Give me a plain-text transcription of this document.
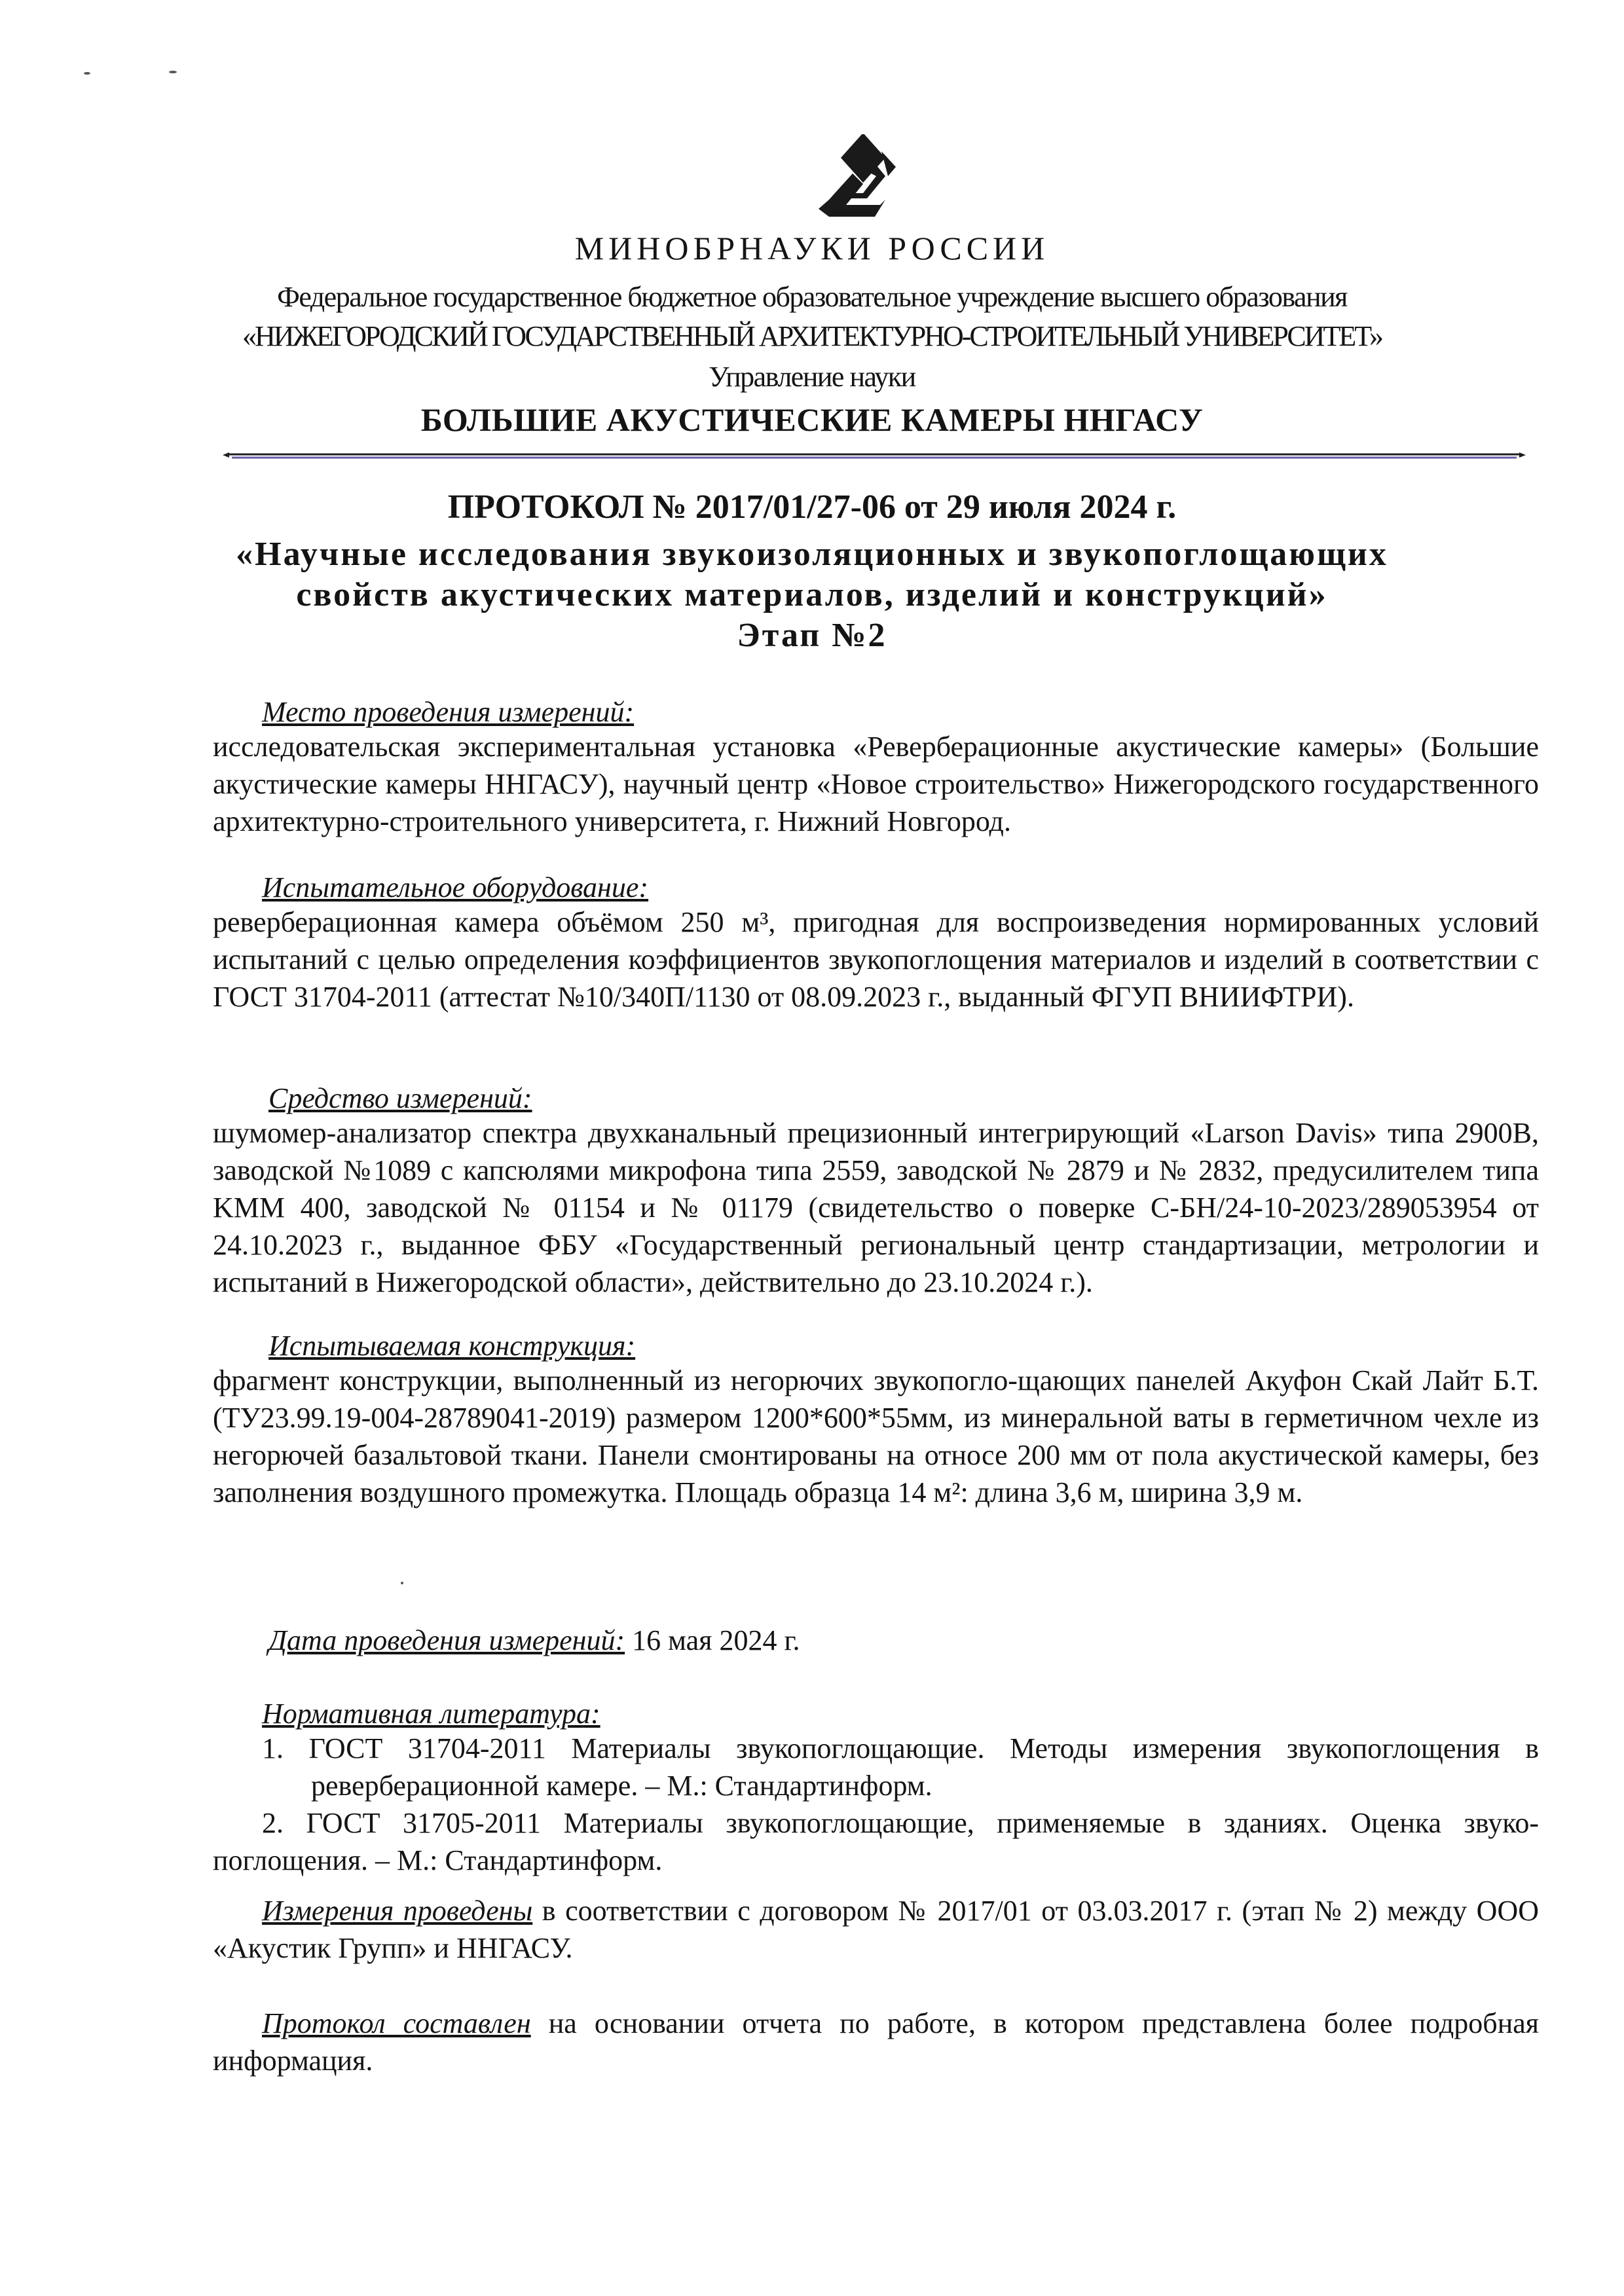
МИНОБРНАУКИ РОССИИ
Федеральное государственное бюджетное образовательное учреждение высшего образования
«НИЖЕГОРОДСКИЙ ГОСУДАРСТВЕННЫЙ АРХИТЕКТУРНО-СТРОИТЕЛЬНЫЙ УНИВЕРСИТЕТ»
Управление науки
БОЛЬШИЕ АКУСТИЧЕСКИЕ КАМЕРЫ ННГАСУ
ПРОТОКОЛ № 2017/01/27-06 от 29 июля 2024 г.
«Научные исследования звукоизоляционных и звукопоглощающих
свойств акустических материалов, изделий и конструкций»
Этап №2
Место проведения измерений:
исследовательская экспериментальная установка «Реверберационные акустические камеры» (Большие акустические камеры ННГАСУ), научный центр «Новое строительство» Нижегородского государственного архитектурно-строительного университета, г. Нижний Новгород.
Испытательное оборудование:
реверберационная камера объёмом 250 м³, пригодная для воспроизведения нормированных условий испытаний с целью определения коэффициентов звукопоглощения материалов и изделий в соответствии с ГОСТ 31704-2011 (аттестат №10/340П/1130 от 08.09.2023 г., выданный ФГУП ВНИИФТРИ).
Средство измерений:
шумомер-анализатор спектра двухканальный прецизионный интегрирующий «Larson Davis» типа 2900B, заводской №1089 с капсюлями микрофона типа 2559, заводской № 2879 и № 2832, предусилителем типа KMM 400, заводской № 01154 и № 01179 (свидетельство о поверке С-БН/24-10-2023/289053954 от 24.10.2023 г., выданное ФБУ «Государственный региональный центр стандартизации, метрологии и испытаний в Нижегородской области», действительно до 23.10.2024 г.).
Испытываемая конструкция:
фрагмент конструкции, выполненный из негорючих звукопогло-щающих панелей Акуфон Скай Лайт Б.Т. (ТУ23.99.19-004-28789041-2019) размером 1200*600*55мм, из минеральной ваты в герметичном чехле из негорючей базальтовой ткани. Панели смонтированы на относе 200 мм от пола акустической камеры, без заполнения воздушного промежутка. Площадь образца 14 м²: длина 3,6 м, ширина 3,9 м.
Дата проведения измерений: 16 мая 2024 г.
Нормативная литература:
1. ГОСТ 31704-2011 Материалы звукопоглощающие. Методы измерения звукопоглощения в реверберационной камере. – М.: Стандартинформ.
2. ГОСТ 31705-2011 Материалы звукопоглощающие, применяемые в зданиях. Оценка звукопоглощения. – М.: Стандартинформ.
Измерения проведены в соответствии с договором № 2017/01 от 03.03.2017 г. (этап № 2) между ООО «Акустик Групп» и ННГАСУ.
Протокол составлен на основании отчета по работе, в котором представлена более подробная информация.
